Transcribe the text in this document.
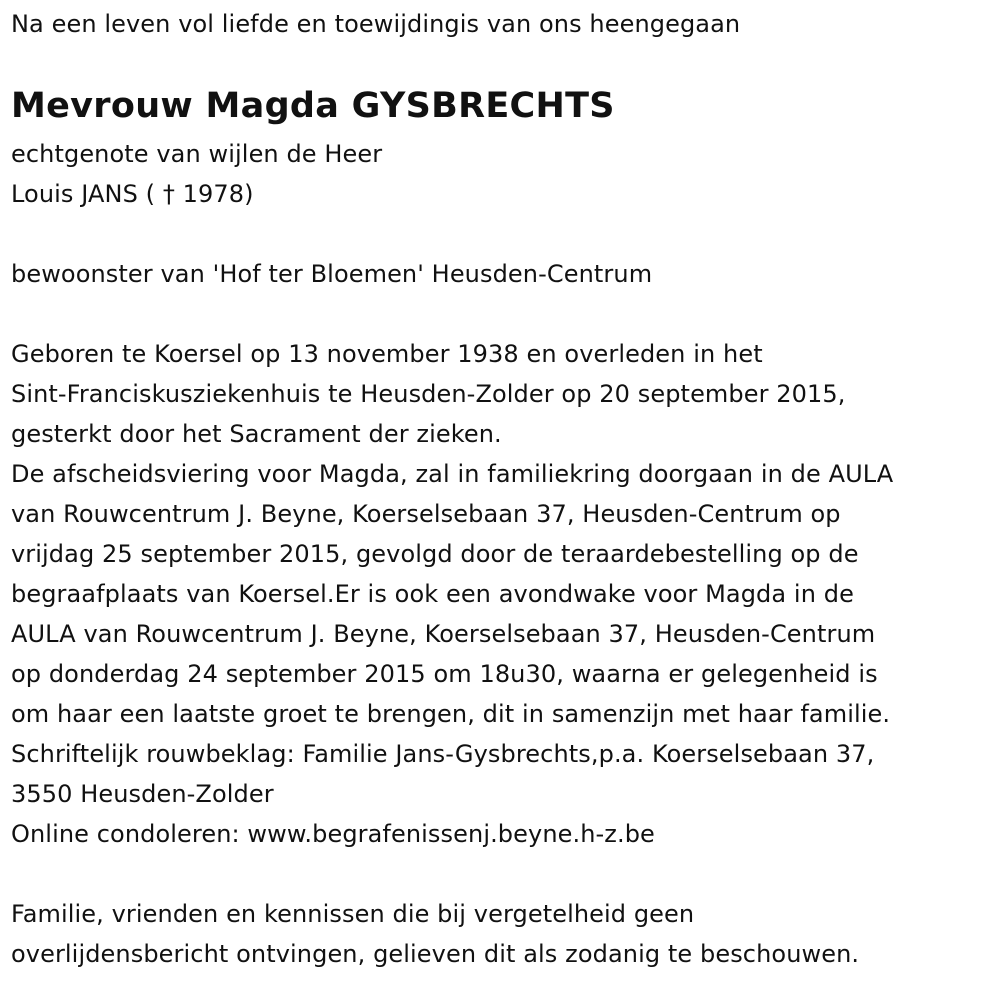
Na een leven vol liefde en toewijdingis van ons heengegaan
Mevrouw Magda GYSBRECHTS
echtgenote van wijlen de Heer
Louis JANS ( † 1978)
bewoonster van 'Hof ter Bloemen' Heusden-Centrum
Geboren te Koersel op 13 november 1938 en overleden in het
Sint-Franciskusziekenhuis te Heusden-Zolder op 20 september 2015,
gesterkt door het Sacrament der zieken.
De afscheidsviering voor Magda, zal in familiekring doorgaan in de AULA
van Rouwcentrum J. Beyne, Koerselsebaan 37, Heusden-Centrum op
vrijdag 25 september 2015, gevolgd door de teraardebestelling op de
begraafplaats van Koersel.Er is ook een avondwake voor Magda in de
AULA van Rouwcentrum J. Beyne, Koerselsebaan 37, Heusden-Centrum
op donderdag 24 september 2015 om 18u30, waarna er gelegenheid is
om haar een laatste groet te brengen, dit in samenzijn met haar familie.
Schriftelijk rouwbeklag: Familie Jans-Gysbrechts,p.a. Koerselsebaan 37,
3550 Heusden-Zolder
Online condoleren: www.begrafenissenj.beyne.h-z.be
Familie, vrienden en kennissen die bij vergetelheid geen
overlijdensbericht ontvingen, gelieven dit als zodanig te beschouwen.
